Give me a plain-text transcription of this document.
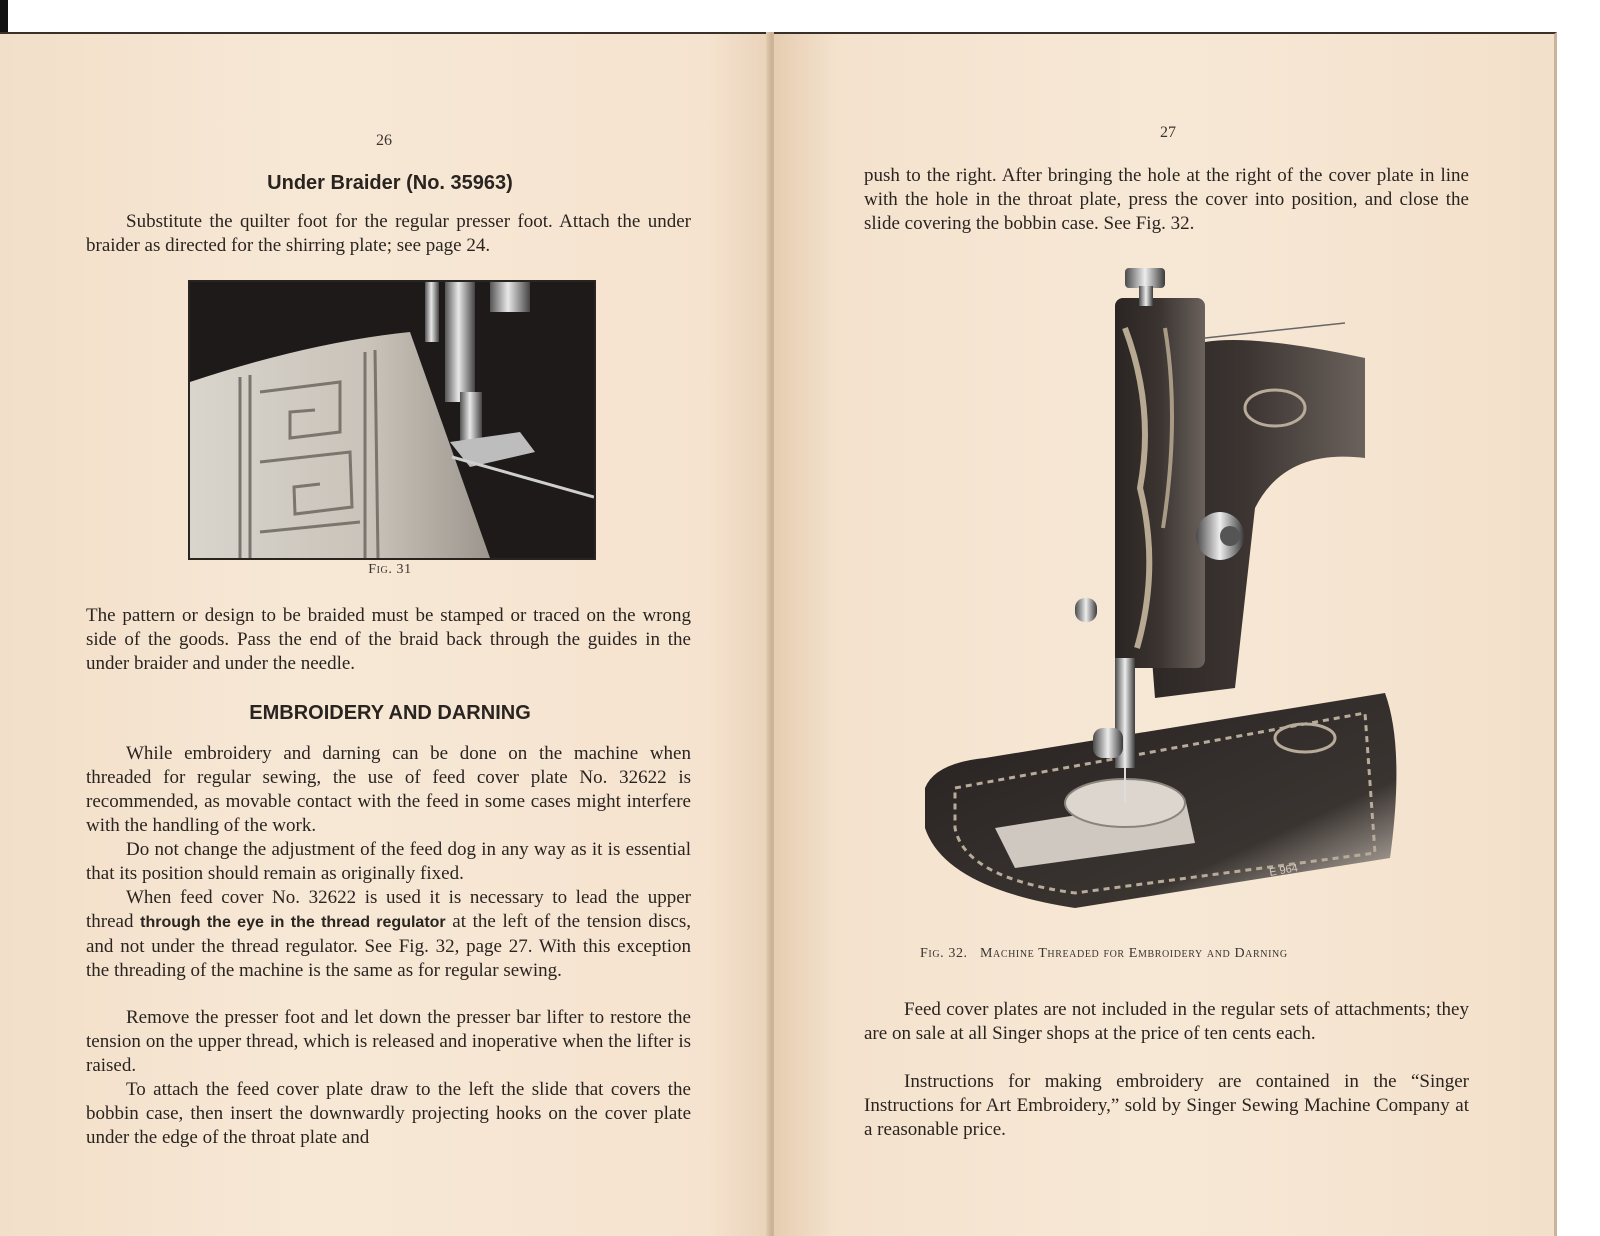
26
Under Braider (No. 35963)
Substitute the quilter foot for the regular presser foot. Attach the under braider as directed for the shirring plate; see page 24.
Fig. 31
The pattern or design to be braided must be stamped or traced on the wrong side of the goods. Pass the end of the braid back through the guides in the under braider and under the needle.
EMBROIDERY AND DARNING
While embroidery and darning can be done on the machine when threaded for regular sewing, the use of feed cover plate No. 32622 is recommended, as movable contact with the feed in some cases might interfere with the handling of the work.
Do not change the adjustment of the feed dog in any way as it is essential that its position should remain as originally fixed.
When feed cover No. 32622 is used it is necessary to lead the upper thread through the eye in the thread regulator at the left of the tension discs, and not under the thread regulator. See Fig. 32, page 27. With this exception the threading of the machine is the same as for regular sewing.
Remove the presser foot and let down the presser bar lifter to restore the tension on the upper thread, which is released and inoperative when the lifter is raised.
To attach the feed cover plate draw to the left the slide that covers the bobbin case, then insert the downwardly projecting hooks on the cover plate under the edge of the throat plate and
27
push to the right. After bringing the hole at the right of the cover plate in line with the hole in the throat plate, press the cover into position, and close the slide covering the bobbin case. See Fig. 32.
E 964
Fig. 32. Machine Threaded for Embroidery and Darning
Feed cover plates are not included in the regular sets of attachments; they are on sale at all Singer shops at the price of ten cents each.
Instructions for making embroidery are contained in the “Singer Instructions for Art Embroidery,” sold by Singer Sewing Machine Company at a reasonable price.
